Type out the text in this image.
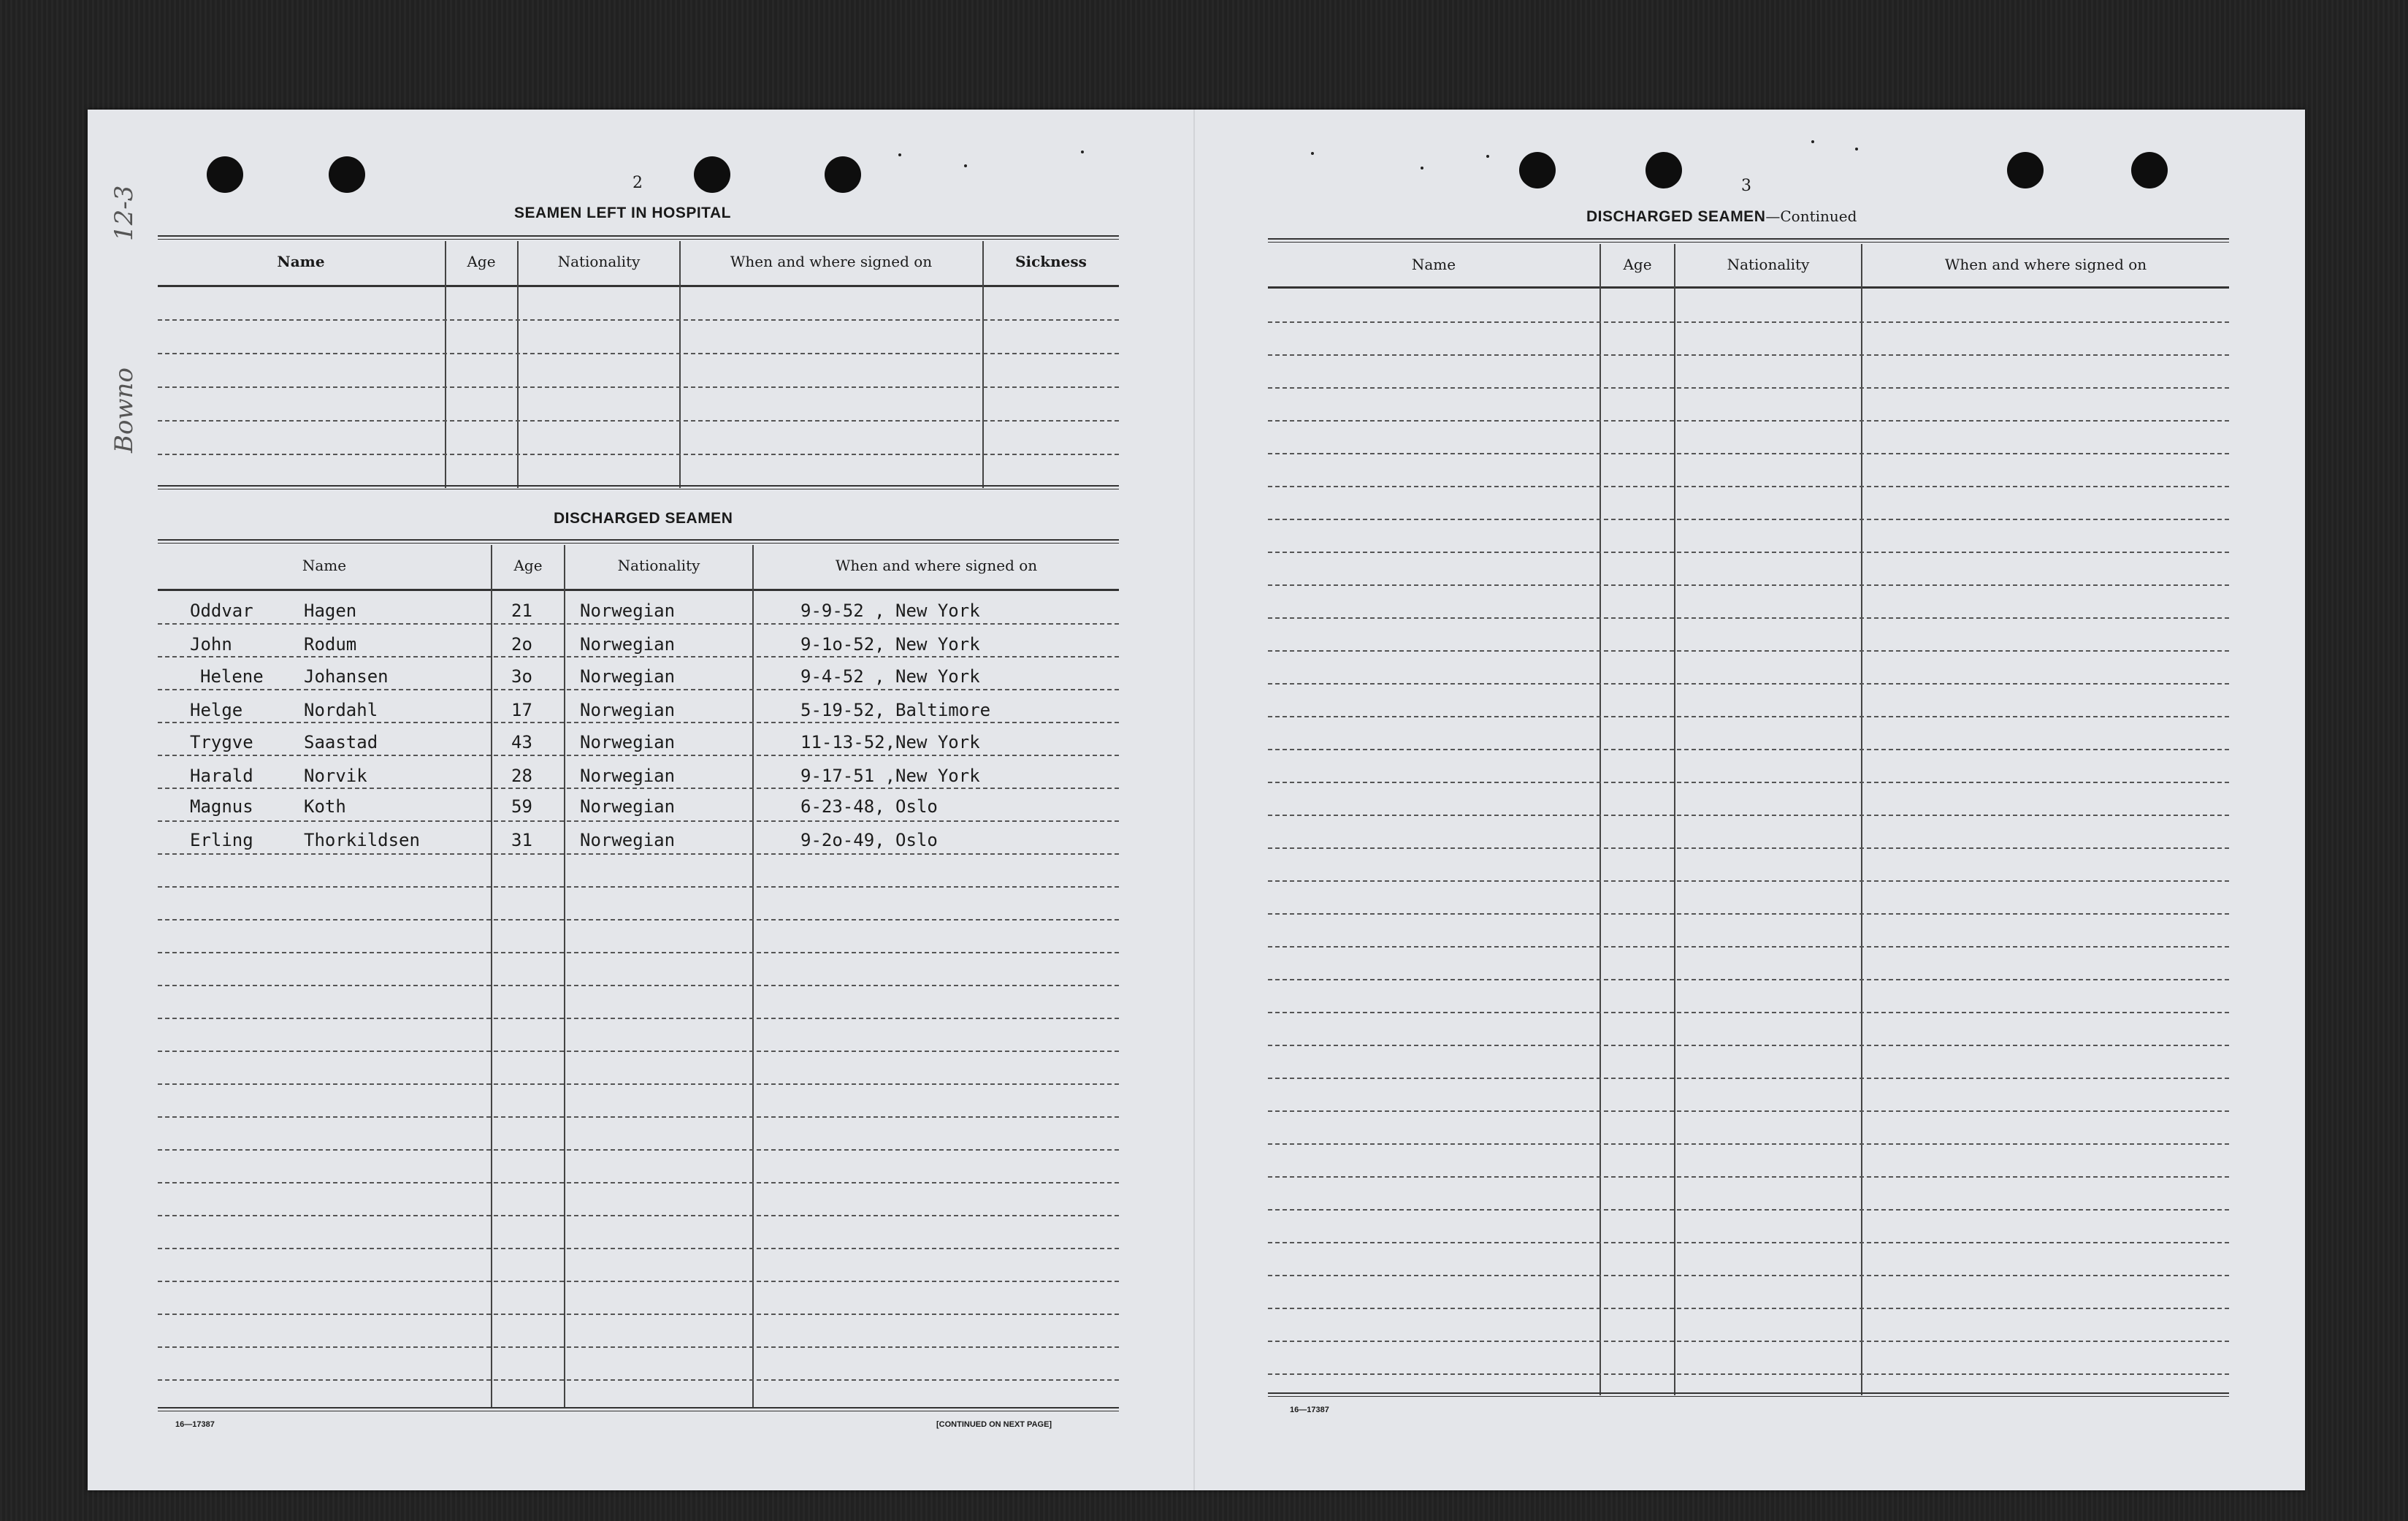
12-3
Bowno
2
SEAMEN LEFT IN HOSPITAL
Name	Age	Nationality	When and where signed on	Sickness
DISCHARGED SEAMEN
Name	Age	Nationality	When and where signed on
Oddvar	Hagen	21	Norwegian	9-9-52 , New York
John	Rodum	2o	Norwegian	9-1o-52, New York
Helene Johansen	3o	Norwegian	9-4-52 , New York
Helge	Nordahl	17	Norwegian	5-19-52, Baltimore
Trygve	Saastad	43	Norwegian	11-13-52,New York
Harald	Norvik	28	Norwegian	9-17-51 ,New York
Magnus	Koth	59	Norwegian	6-23-48, Oslo
Erling	Thorkildsen	31	Norwegian	9-2o-49, Oslo
16—17387	[CONTINUED ON NEXT PAGE]
3
DISCHARGED SEAMEN—Continued
Name	Age	Nationality	When and where signed on
16—17387
